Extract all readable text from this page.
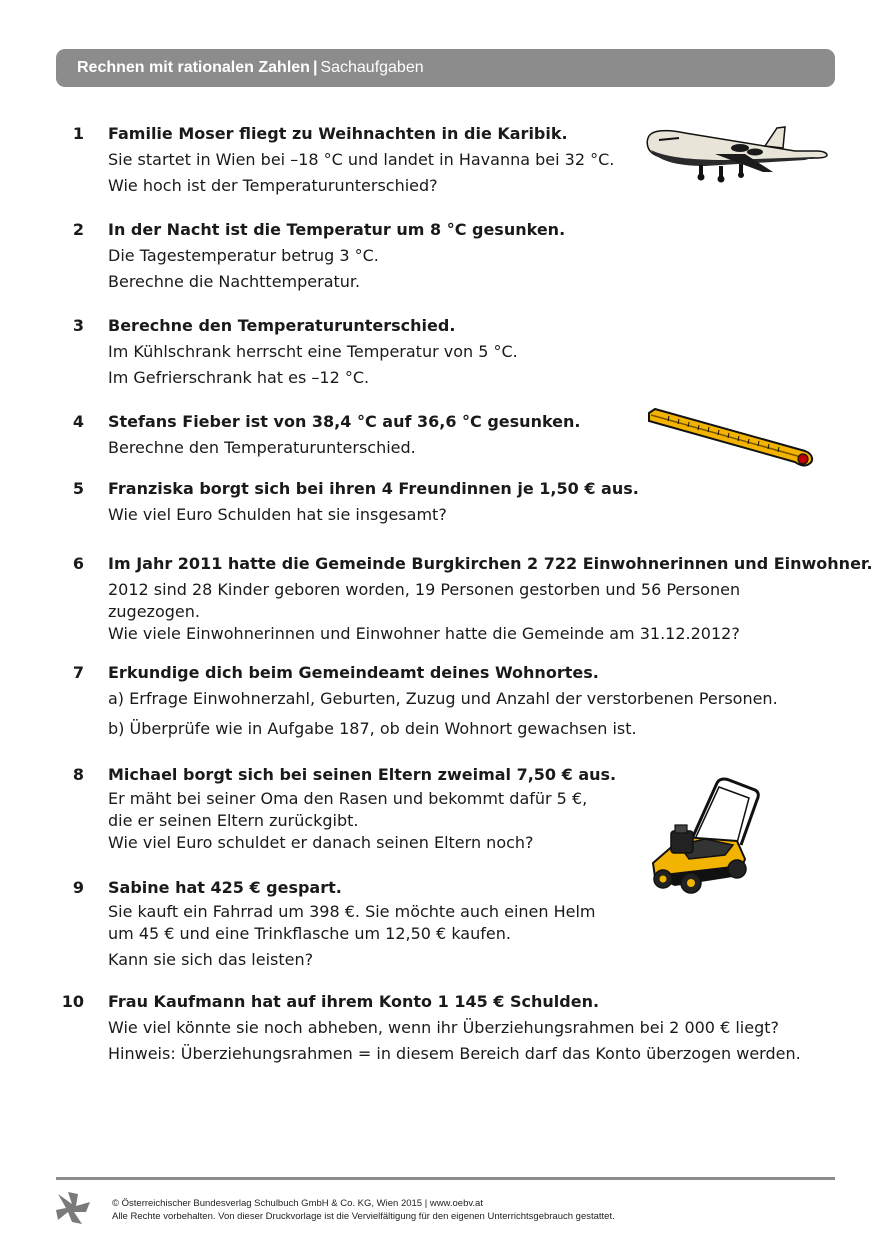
Rechnen mit rationalen Zahlen | Sachaufgaben
1 Familie Moser fliegt zu Weihnachten in die Karibik.
Sie startet in Wien bei –18 °C und landet in Havanna bei 32 °C.
Wie hoch ist der Temperaturunterschied?
2 In der Nacht ist die Temperatur um 8 °C gesunken.
Die Tagestemperatur betrug 3 °C.
Berechne die Nachttemperatur.
3 Berechne den Temperaturunterschied.
Im Kühlschrank herrscht eine Temperatur von 5 °C.
Im Gefrierschrank hat es –12 °C.
4 Stefans Fieber ist von 38,4 °C auf 36,6 °C gesunken.
Berechne den Temperaturunterschied.
5 Franziska borgt sich bei ihren 4 Freundinnen je 1,50 € aus.
Wie viel Euro Schulden hat sie insgesamt?
6 Im Jahr 2011 hatte die Gemeinde Burgkirchen 2 722 Einwohnerinnen und Einwohner.
2012 sind 28 Kinder geboren worden, 19 Personen gestorben und 56 Personen
zugezogen.
Wie viele Einwohnerinnen und Einwohner hatte die Gemeinde am 31.12.2012?
7 Erkundige dich beim Gemeindeamt deines Wohnortes.
a) Erfrage Einwohnerzahl, Geburten, Zuzug und Anzahl der verstorbenen Personen.
b) Überprüfe wie in Aufgabe 187, ob dein Wohnort gewachsen ist.
8 Michael borgt sich bei seinen Eltern zweimal 7,50 € aus.
Er mäht bei seiner Oma den Rasen und bekommt dafür 5 €,
die er seinen Eltern zurückgibt.
Wie viel Euro schuldet er danach seinen Eltern noch?
9 Sabine hat 425 € gespart.
Sie kauft ein Fahrrad um 398 €. Sie möchte auch einen Helm
um 45 € und eine Trinkflasche um 12,50 € kaufen.
Kann sie sich das leisten?
10 Frau Kaufmann hat auf ihrem Konto 1 145 € Schulden.
Wie viel könnte sie noch abheben, wenn ihr Überziehungsrahmen bei 2 000 € liegt?
Hinweis: Überziehungsrahmen = in diesem Bereich darf das Konto überzogen werden.
© Österreichischer Bundesverlag Schulbuch GmbH & Co. KG, Wien 2015 | www.oebv.at
Alle Rechte vorbehalten. Von dieser Druckvorlage ist die Vervielfältigung für den eigenen Unterrichtsgebrauch gestattet.
